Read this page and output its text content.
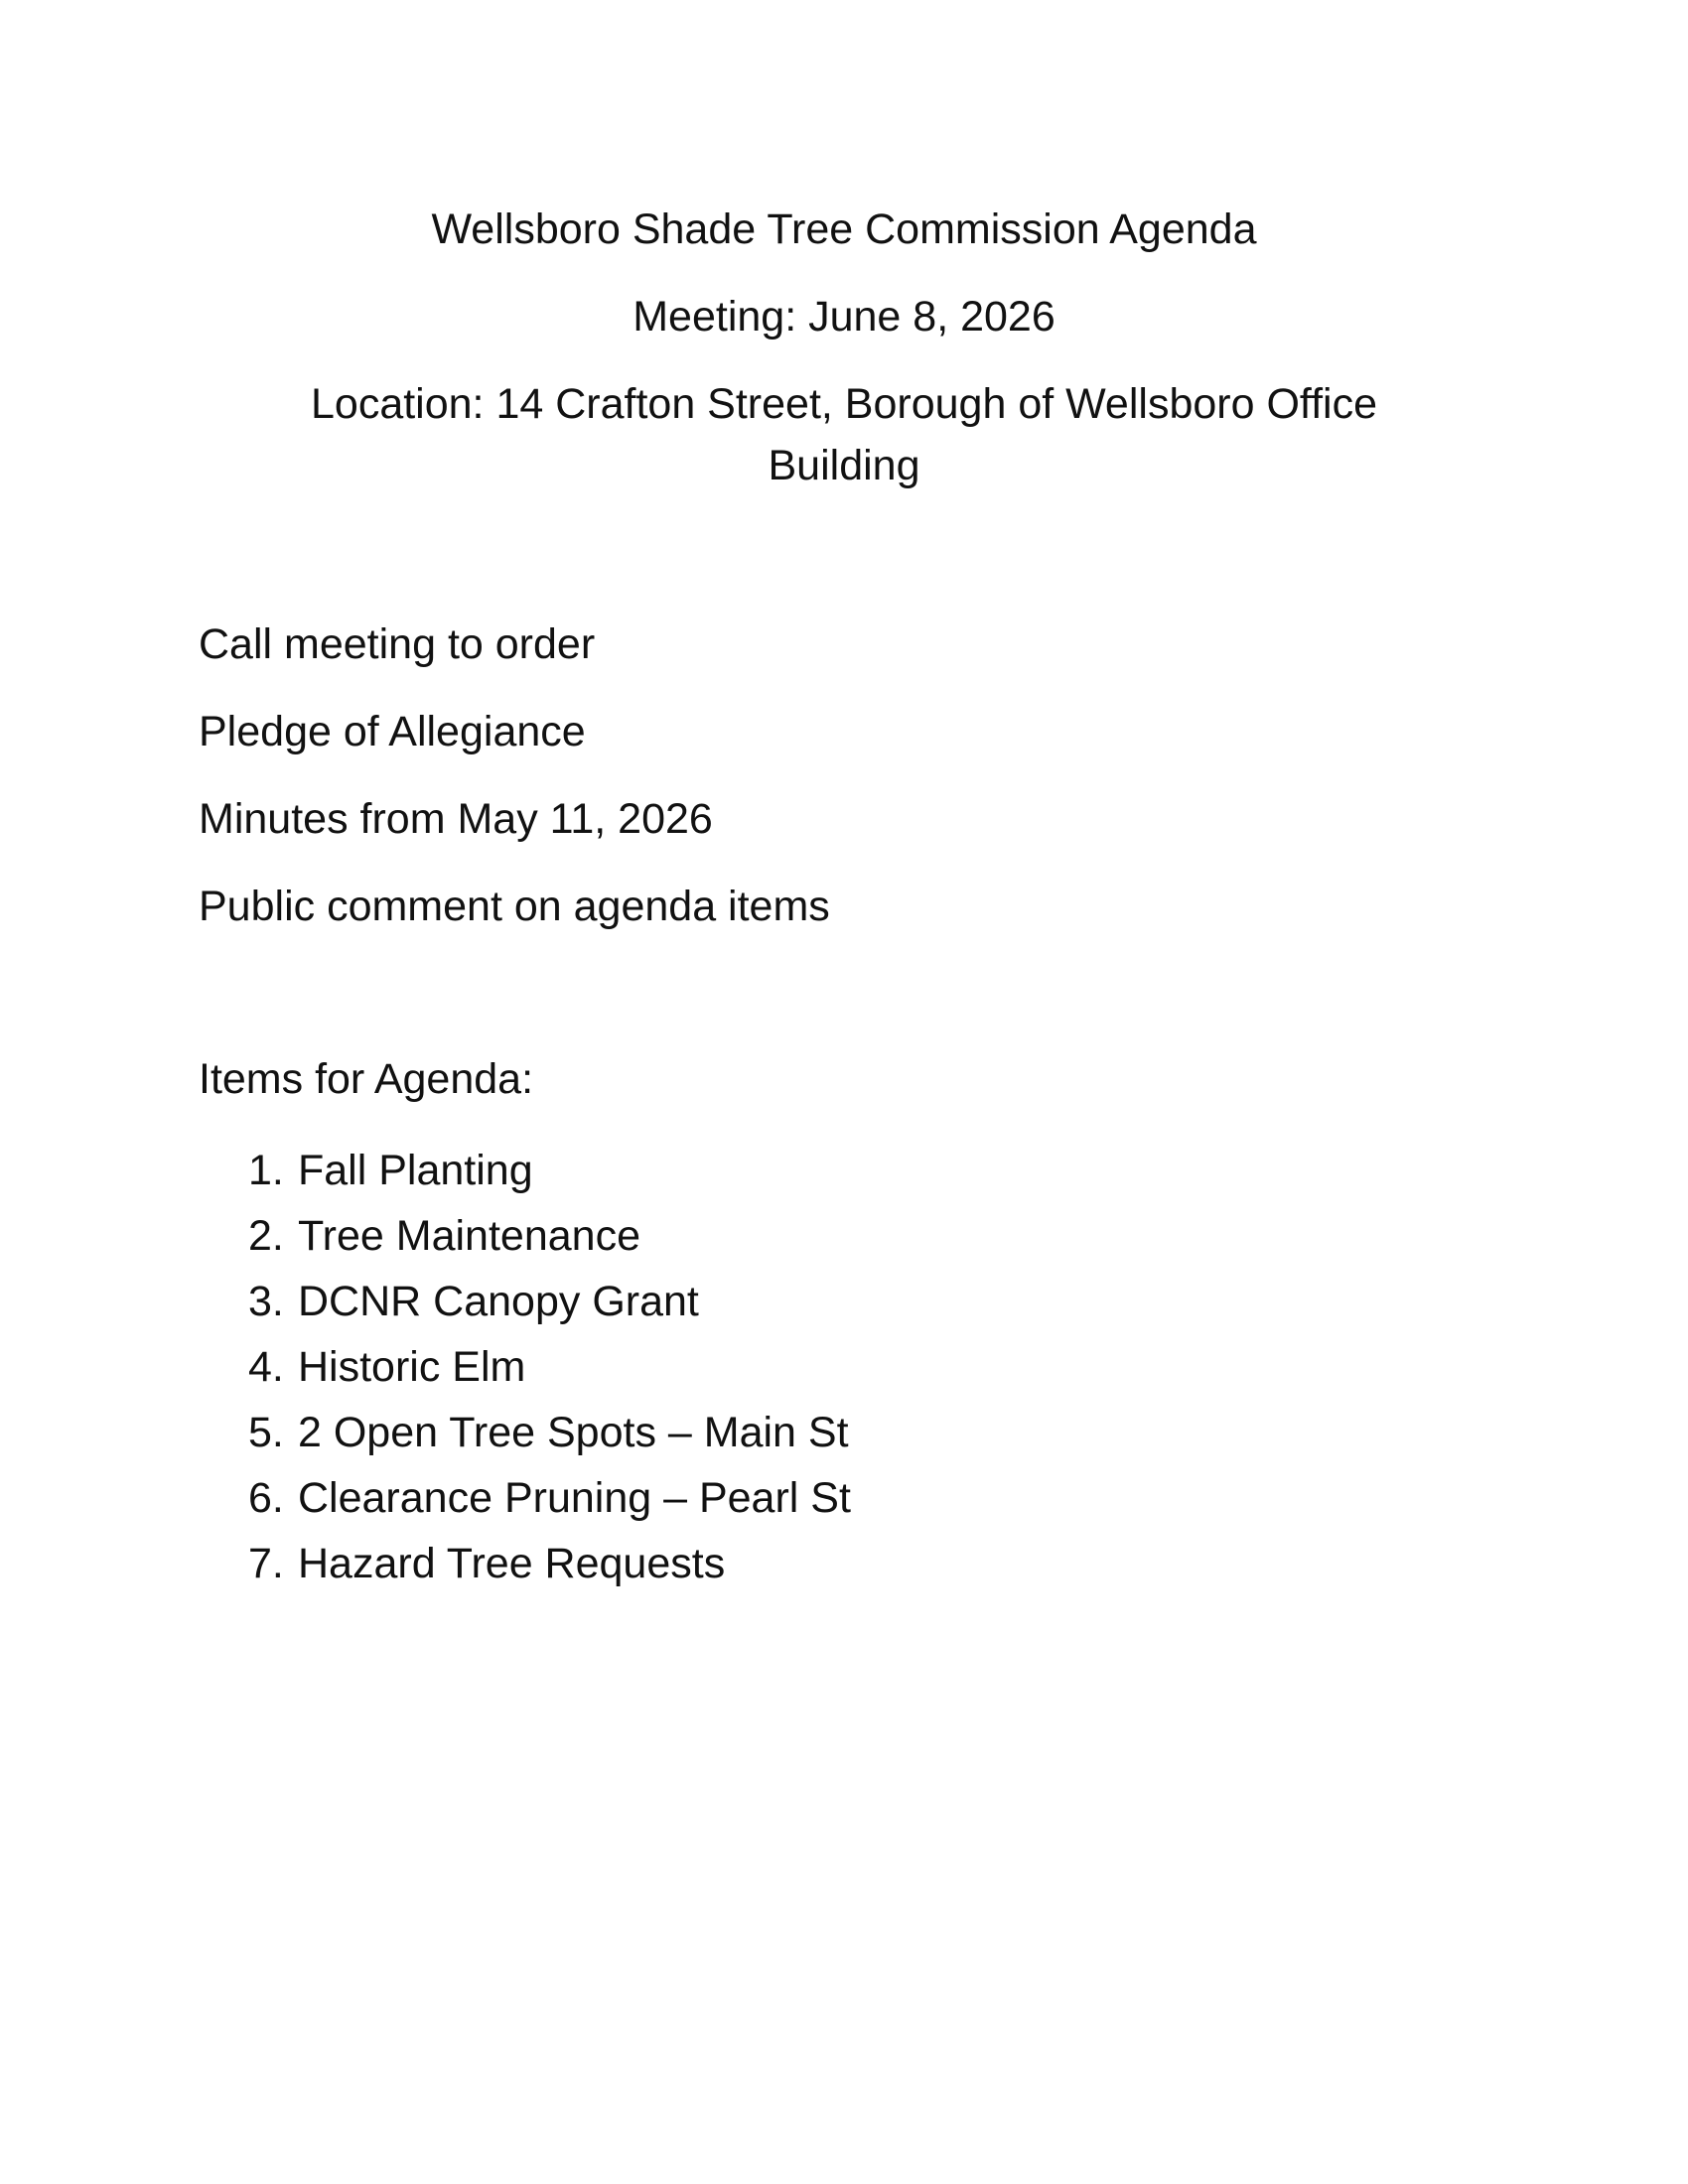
Wellsboro Shade Tree Commission Agenda
Meeting: June 8, 2026
Location: 14 Crafton Street, Borough of Wellsboro Office Building
Call meeting to order
Pledge of Allegiance
Minutes from May 11, 2026
Public comment on agenda items
Items for Agenda:
1. Fall Planting
2. Tree Maintenance
3. DCNR Canopy Grant
4. Historic Elm
5. 2 Open Tree Spots – Main St
6. Clearance Pruning – Pearl St
7. Hazard Tree Requests
